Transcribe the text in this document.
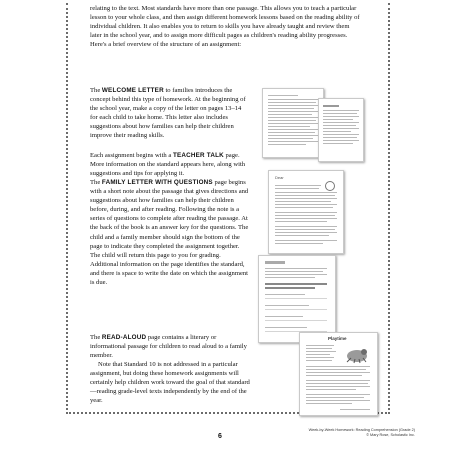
relating to the text. Most standards have more than one passage. This allows you to teach a particular lesson to your whole class, and then assign different homework lessons based on the reading ability of individual children. It also enables you to return to skills you have already taught and review them later in the school year, and to assign more difficult pages as children's reading ability progresses. Here's a brief overview of the structure of an assignment:
The WELCOME LETTER to families introduces the concept behind this type of homework. At the beginning of the school year, make a copy of the letter on pages 13–14 for each child to take home. This letter also includes suggestions about how families can help their children improve their reading skills.
Each assignment begins with a TEACHER TALK page. More information on the standard appears here, along with suggestions and tips for applying it.
The FAMILY LETTER WITH QUESTIONS page begins with a short note about the passage that gives directions and suggestions about how families can help their children before, during, and after reading. Following the note is a series of questions to complete after reading the passage. At the back of the book is an answer key for the questions. The child and a family member should sign the bottom of the page to indicate they completed the assignment together. The child will return this page to you for grading. Additional information on the page identifies the standard, and there is space to write the date on which the assignment is due.
The READ-ALOUD page contains a literary or informational passage for children to read aloud to a family member.
Note that Standard 10 is not addressed in a particular assignment, but doing these homework assignments will certainly help children work toward the goal of that standard—reading grade-level texts independently by the end of the year.
Dear
Playtime
6
Week-by-Week Homework: Reading Comprehension (Grade 2)
© Mary Rose, Scholastic Inc.
